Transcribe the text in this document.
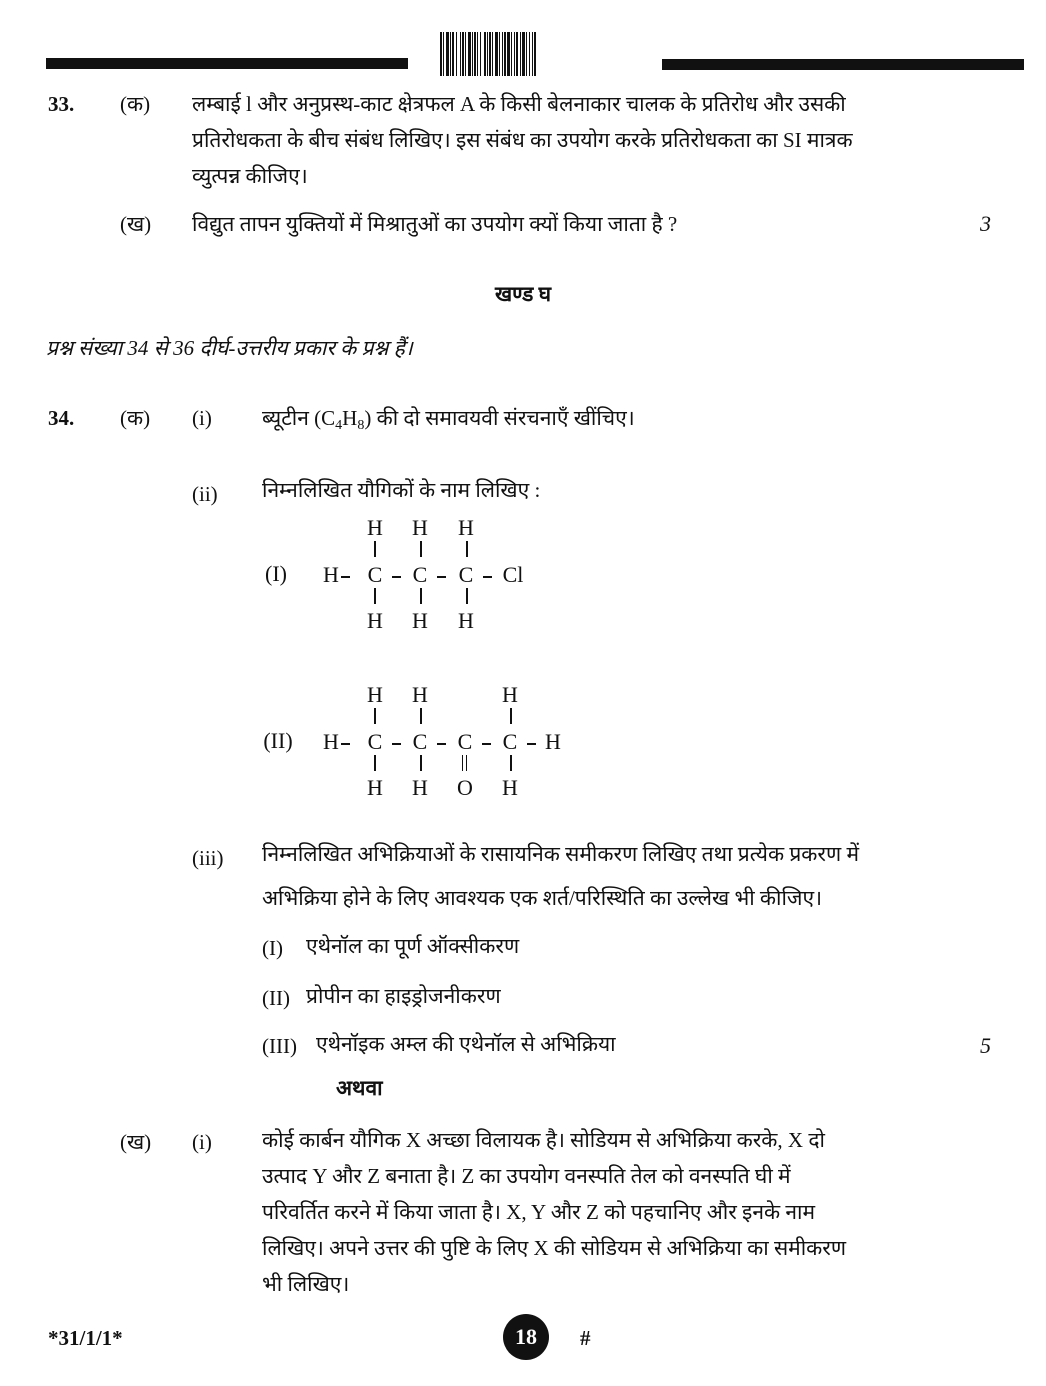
33. (क) लम्बाई l और अनुप्रस्थ-काट क्षेत्रफल A के किसी बेलनाकार चालक के प्रतिरोध और उसकी
प्रतिरोधकता के बीच संबंध लिखिए। इस संबंध का उपयोग करके प्रतिरोधकता का SI मात्रक
व्युत्पन्न कीजिए।
(ख) विद्युत तापन युक्तियों में मिश्रातुओं का उपयोग क्यों किया जाता है ?	3
खण्ड घ
प्रश्न संख्या 34 से 36 दीर्घ-उत्तरीय प्रकार के प्रश्न हैं।
34. (क) (i) ब्यूटीन $(C_4H_8)$ की दो समावयवी संरचनाएँ खींचिए।
(ii) निम्नलिखित यौगिकों के नाम लिखिए :
(I)
H H H
H C C C Cl
H H H
(II)
H H	H
H C C C C H
H H O H
(iii) निम्नलिखित अभिक्रियाओं के रासायनिक समीकरण लिखिए तथा प्रत्येक प्रकरण में
अभिक्रिया होने के लिए आवश्यक एक शर्त/परिस्थिति का उल्लेख भी कीजिए।
(I) एथेनॉल का पूर्ण ऑक्सीकरण
(II) प्रोपीन का हाइड्रोजनीकरण
(III) एथेनॉइक अम्ल की एथेनॉल से अभिक्रिया	5
अथवा
(ख) (i) कोई कार्बन यौगिक X अच्छा विलायक है। सोडियम से अभिक्रिया करके, X दो
उत्पाद Y और Z बनाता है। Z का उपयोग वनस्पति तेल को वनस्पति घी में
परिवर्तित करने में किया जाता है। X, Y और Z को पहचानिए और इनके नाम
लिखिए। अपने उत्तर की पुष्टि के लिए X की सोडियम से अभिक्रिया का समीकरण
भी लिखिए।
*31/1/1*	18	#
